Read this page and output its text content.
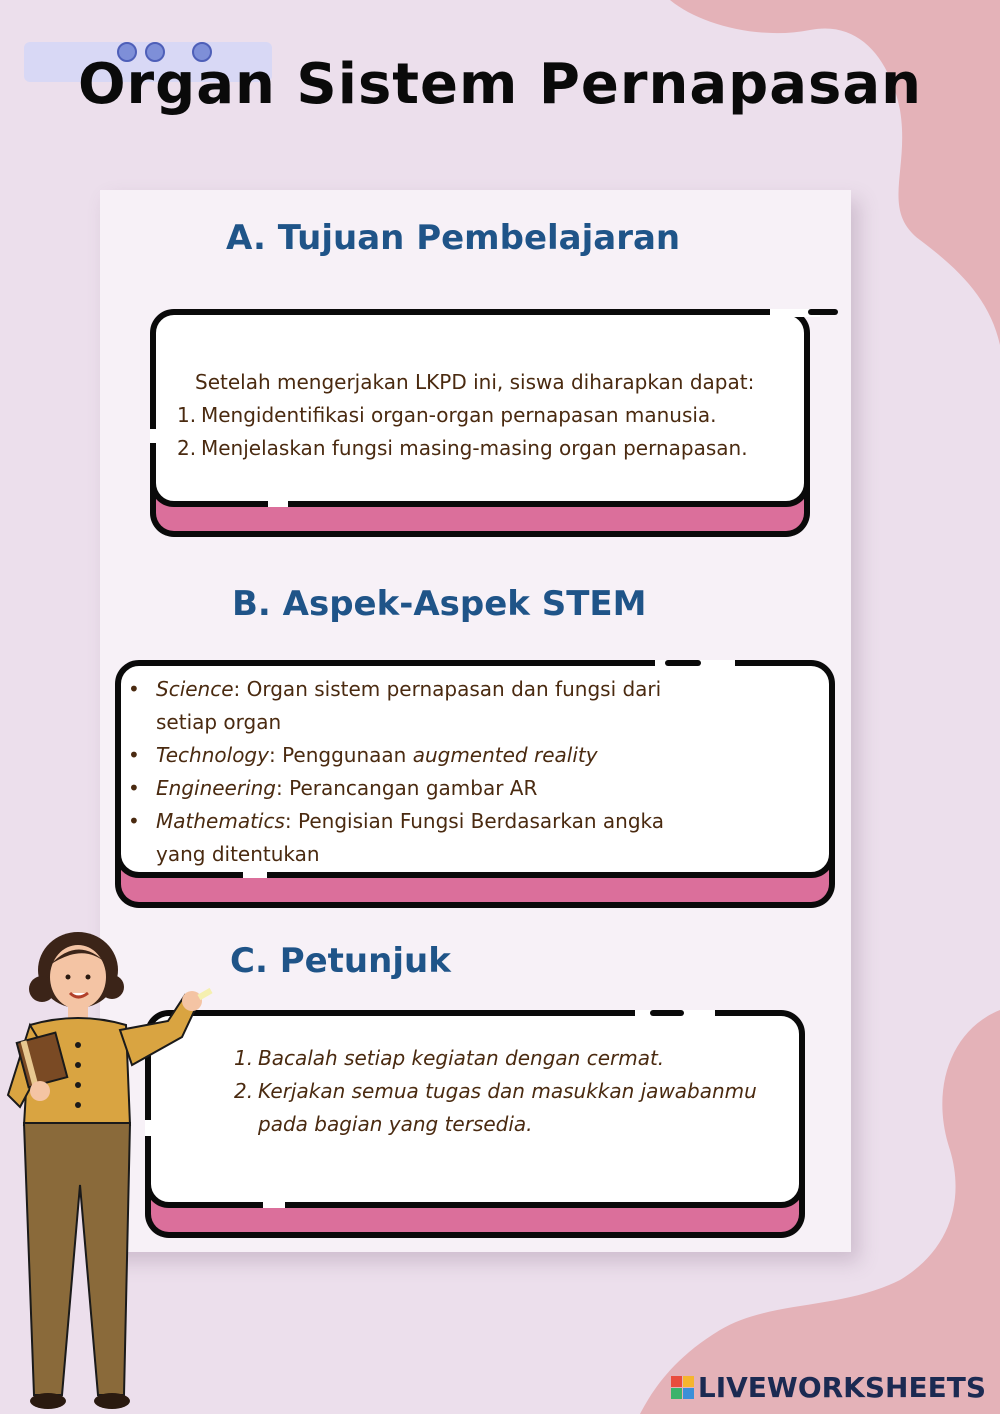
Organ Sistem Pernapasan
A. Tujuan Pembelajaran
Setelah mengerjakan LKPD ini, siswa diharapkan dapat:
1. Mengidentifikasi organ-organ pernapasan manusia.
2. Menjelaskan fungsi masing-masing organ pernapasan.
B. Aspek-Aspek STEM
• Science: Organ sistem pernapasan dan fungsi dari
setiap organ
• Technology: Penggunaan augmented reality
• Engineering: Perancangan gambar AR
• Mathematics: Pengisian Fungsi Berdasarkan angka
yang ditentukan
C. Petunjuk
1. Bacalah setiap kegiatan dengan cermat.
2. Kerjakan semua tugas dan masukkan jawabanmu
pada bagian yang tersedia.
LIVEWORKSHEETS
